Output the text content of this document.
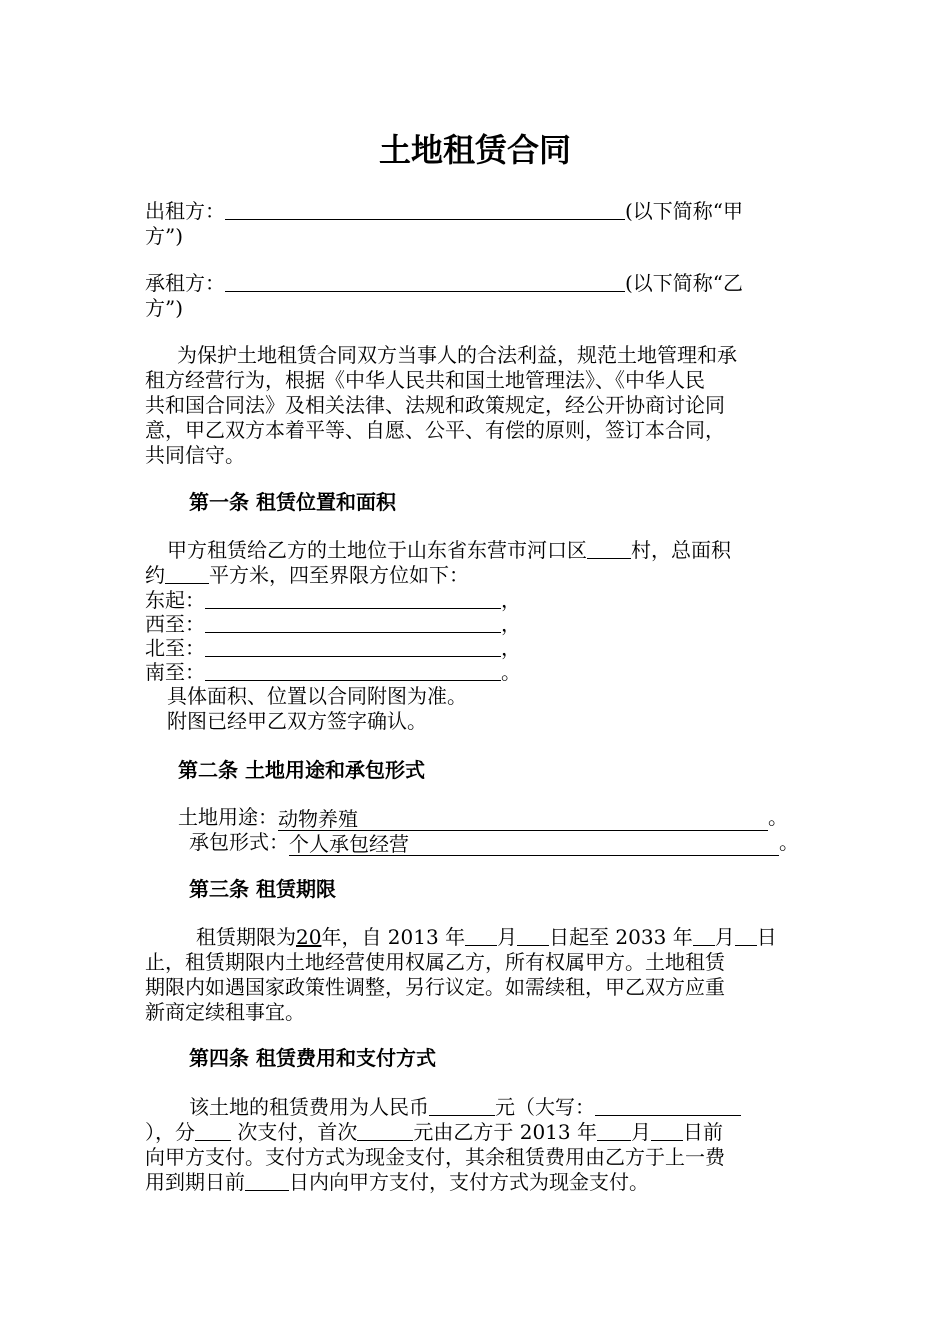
土地租赁合同
出租方：	(以下简称“甲
方”)
承租方：	(以下简称“乙
方”)
为保护土地租赁合同双方当事人的合法利益，规范土地管理和承
租方经营行为，根据《中华人民共和国土地管理法》、《中华人民
共和国合同法》及相关法律、法规和政策规定，经公开协商讨论同
意，甲乙双方本着平等、自愿、公平、有偿的原则，签订本合同，
共同信守。
第一条 租赁位置和面积
甲方租赁给乙方的土地位于山东省东营市河口区 村，总面积
约 平方米，四至界限方位如下：
东起：	，
西至：	，
北至：	，
南至：	。
具体面积、位置以合同附图为准。
附图已经甲乙双方签字确认。
第二条 土地用途和承包形式
土地用途：动物养殖	。
承包形式：个人承包经营	。
第三条 租赁期限
租赁期限为20年，自 2013 年 月 日起至 2033 年 月 日
止，租赁期限内土地经营使用权属乙方，所有权属甲方。土地租赁
期限内如遇国家政策性调整，另行议定。如需续租，甲乙双方应重
新商定续租事宜。
第四条 租赁费用和支付方式
该土地的租赁费用为人民币	元（大写：
），分 次支付，首次	元由乙方于 2013 年 月 日前
向甲方支付。支付方式为现金支付，其余租赁费用由乙方于上一费
用到期日前 日内向甲方支付，支付方式为现金支付。
